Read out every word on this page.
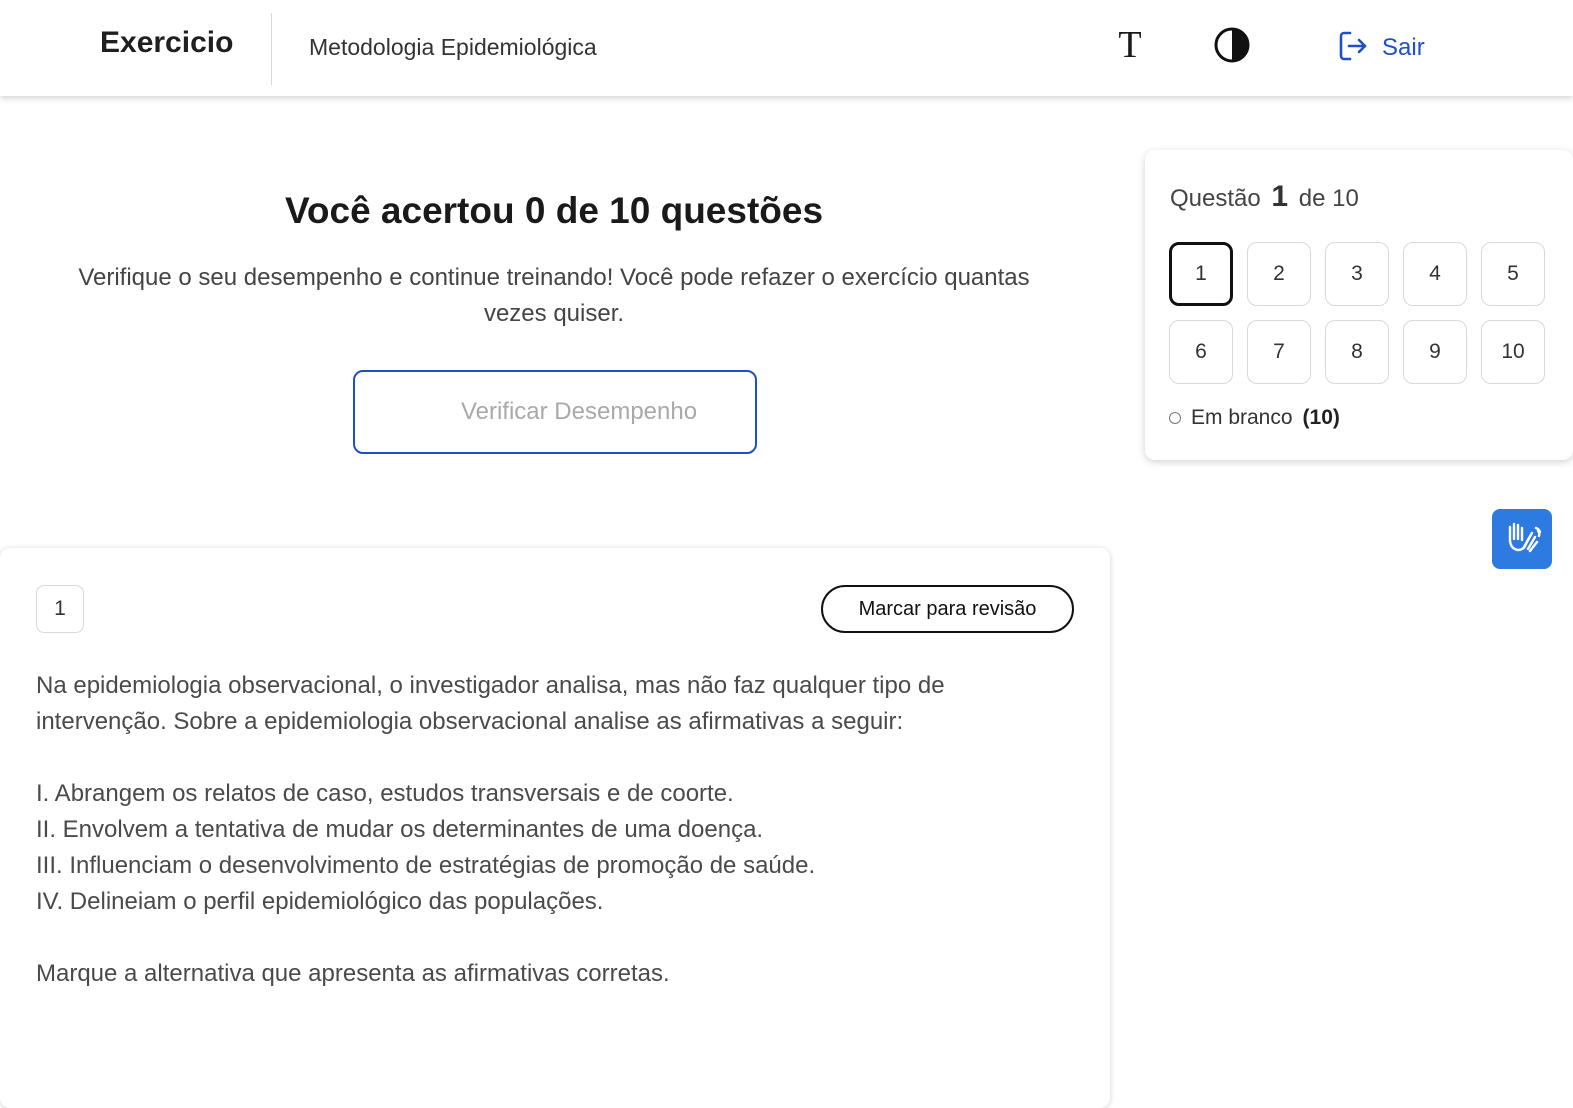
Exercicio	Metodologia Epidemiológica	T	Sair
Você acertou 0 de 10 questões

Verifique o seu desempenho e continue treinando! Você pode refazer o exercício quantas vezes quiser.

Verificar Desempenho
Questão 1 de 10
1	2	3	4	5
6	7	8	9	10
Em branco (10)
1	Marcar para revisão

Na epidemiologia observacional, o investigador analisa, mas não faz qualquer tipo de intervenção. Sobre a epidemiologia observacional analise as afirmativas a seguir:

I. Abrangem os relatos de caso, estudos transversais e de coorte.

II. Envolvem a tentativa de mudar os determinantes de uma doença.

III. Influenciam o desenvolvimento de estratégias de promoção de saúde.

IV. Delineiam o perfil epidemiológico das populações.

Marque a alternativa que apresenta as afirmativas corretas.
